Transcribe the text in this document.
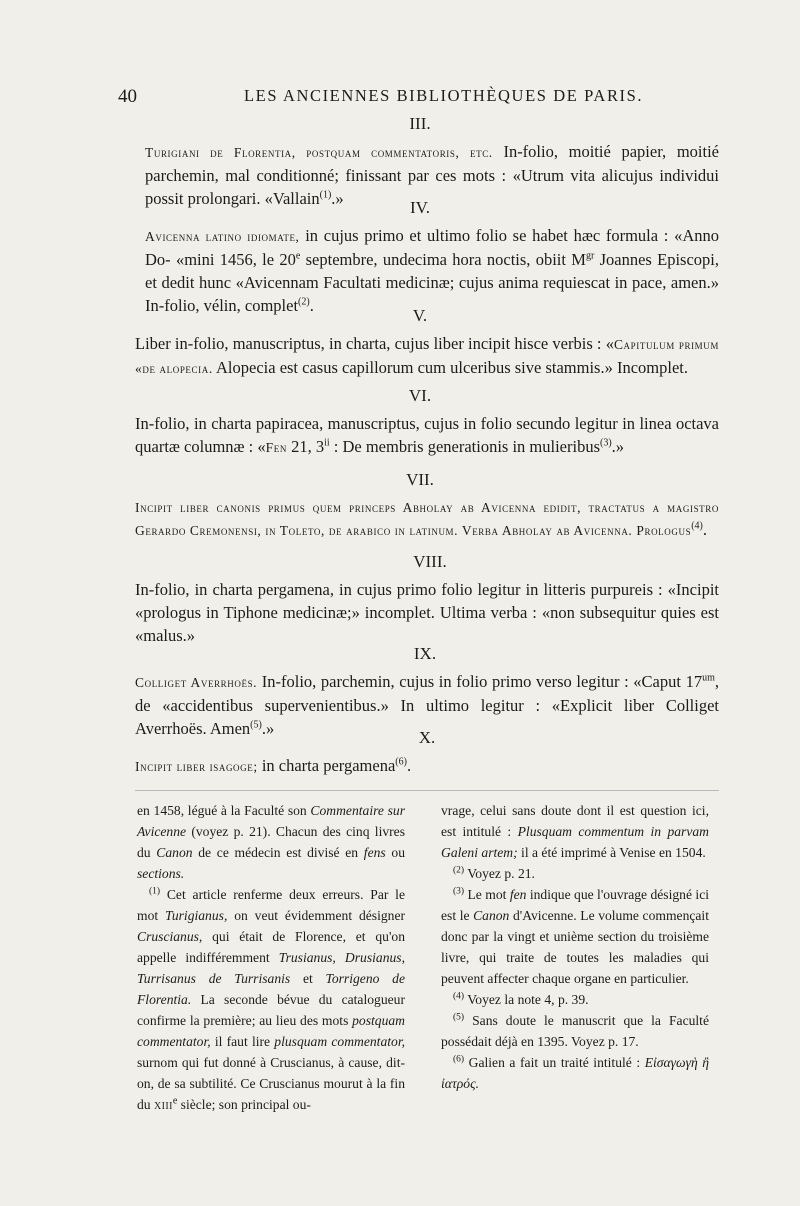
40	LES ANCIENNES BIBLIOTHÈQUES DE PARIS.
III.
Turigiani de Florentia, postquam commentatoris, etc. In-folio, moitié papier, moitié parchemin, mal conditionné; finissant par ces mots : «Utrum vita alicujus individui possit prolongari. «Vallain$^{(1)}$.»	IV.
Avicenna latino idiomate, in cujus primo et ultimo folio se habet hæc formula : «Anno Do- «mini 1456, le 20e septembre, undecima hora noctis, obiit $M^{gr}$ Joannes Episcopi, et dedit hunc «Avicennam Facultati medicinæ; cujus anima requiescat in pace, amen.» In-folio, vélin, complet$^{(2)}$.
V.
Liber in-folio, manuscriptus, in charta, cujus liber incipit hisce verbis : «Capitulum primum «de alopecia. Alopecia est casus capillorum cum ulceribus sive stammis.» Incomplet.
VI.
In-folio, in charta papiracea, manuscriptus, cujus in folio secundo legitur in linea octava quartæ columnæ : «Fen 21, 3$^{ii}$ : De membris generationis in mulieribus$^{(3)}$.»
VII.
Incipit liber canonis primus quem princeps Abholay ab Avicenna edidit, tractatus a magistro Gerardo Cremonensi, in Toleto, de arabico in latinum. Verba Abholay ab Avicenna. Prologus$^{(4)}$.
VIII.
In-folio, in charta pergamena, in cujus primo folio legitur in litteris purpureis : «Incipit «prologus in Tiphone medicinæ;» incomplet. Ultima verba : «non subsequitur quies est «malus.»
IX.
Colliget Averrhoës. In-folio, parchemin, cujus in folio primo verso legitur : «Caput $17^{um}$, de «accidentibus supervenientibus.» In ultimo legitur : «Explicit liber Colliget Averrhoës. Amen$^{(5)}$.»	X.
Incipit liber isagoge; in charta pergamena$^{(6)}$.

en 1458, légué à la Faculté son Commentaire sur Avicenne (voyez p. 21). Chacun des cinq livres du Canon de ce médecin est divisé en fens ou sections.

$^{(1)}$ Cet article renferme deux erreurs. Par le mot Turigianus, on veut évidemment désigner Cruscianus, qui était de Florence, et qu'on appelle indifféremment Trusianus, Drusianus, Turrisanus de Turrisanis et Torrigeno de Florentia. La seconde bévue du catalogueur confirme la première; au lieu des mots postquam commentator, il faut lire plusquam commentator, surnom qui fut donné à Cruscianus, à cause, dit-on, de sa subtilité. Ce Cruscianus mourut à la fin du xiii$^e$ siècle; son principal ou-

vrage, celui sans doute dont il est question ici, est intitulé : Plusquam commentum in parvam Galeni artem; il a été imprimé à Venise en 1504.

$^{(2)}$ Voyez p. 21.

$^{(3)}$ Le mot fen indique que l'ouvrage désigné ici est le Canon d'Avicenne. Le volume commençait donc par la vingt et unième section du troisième livre, qui traite de toutes les maladies qui peuvent affecter chaque organe en particulier.

$^{(4)}$ Voyez la note 4, p. 39.

$^{(5)}$ Sans doute le manuscrit que la Faculté possédait déjà en 1395. Voyez p. 17.

$^{(6)}$ Galien a fait un traité intitulé : Εἰσαγωγὴ ἢ ἰατρός.
